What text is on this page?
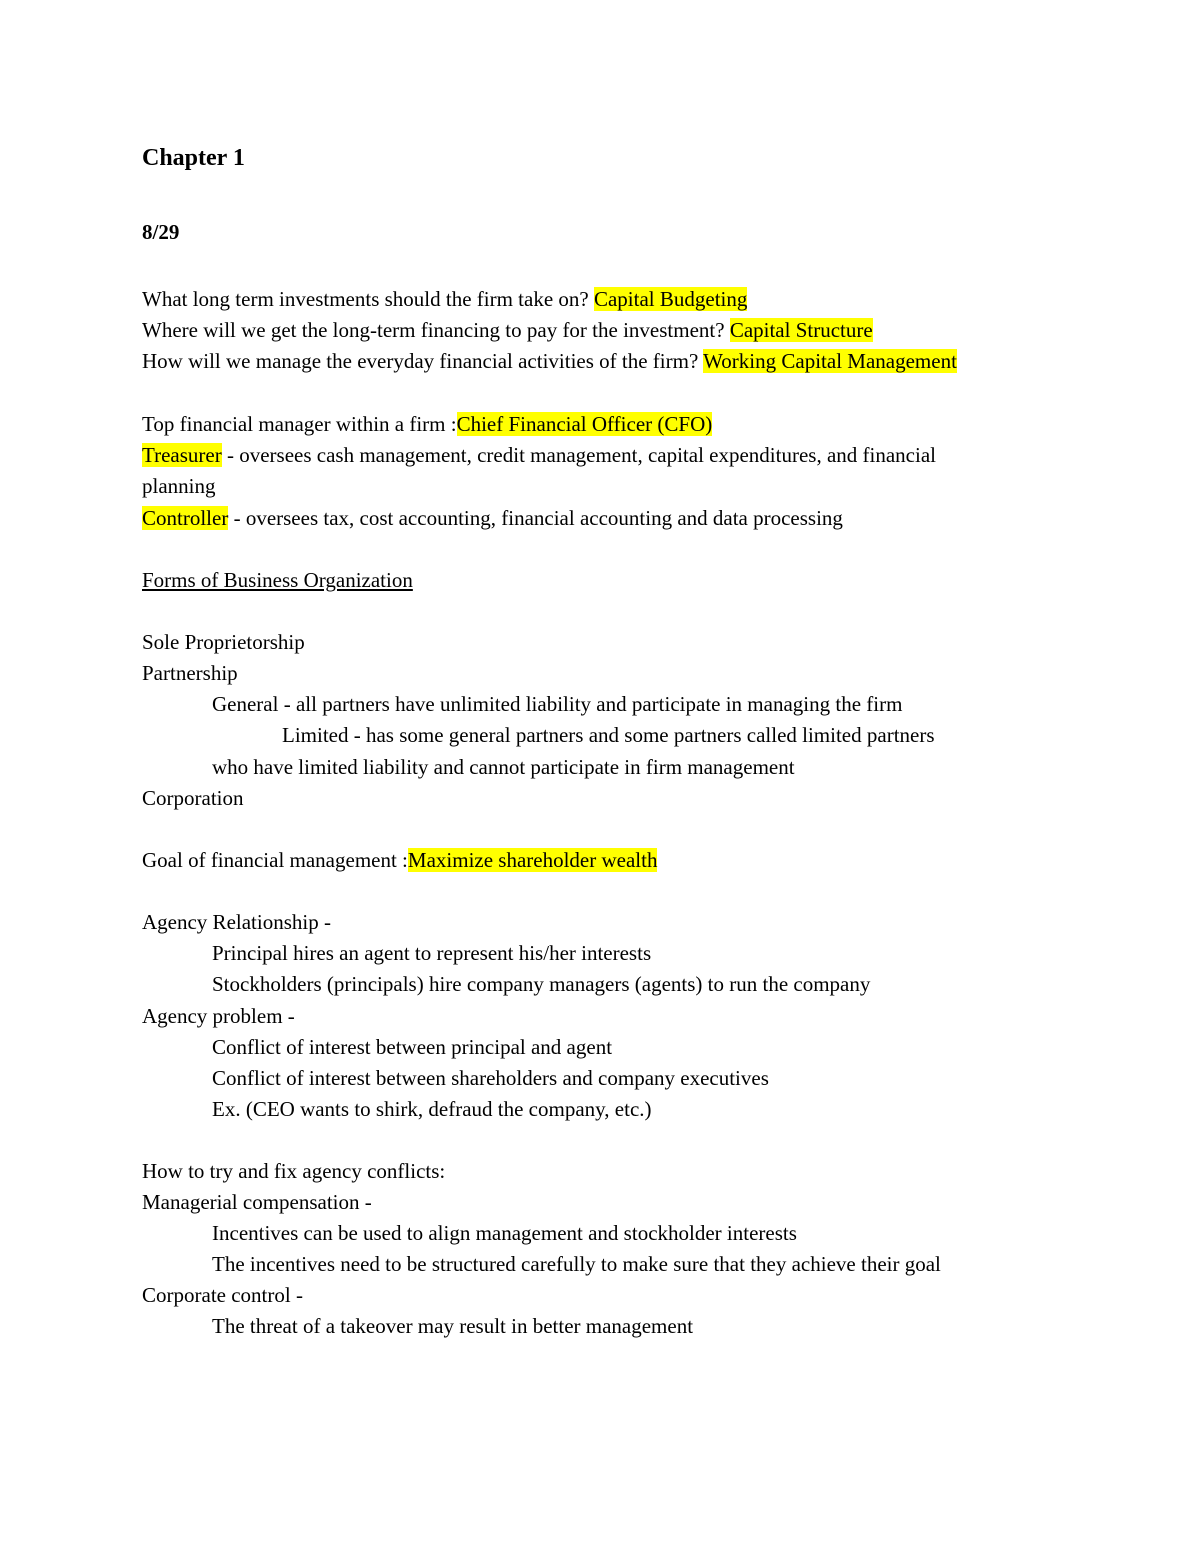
Chapter 1
8/29
What long term investments should the firm take on? Capital Budgeting
Where will we get the long-term financing to pay for the investment? Capital Structure
How will we manage the everyday financial activities of the firm? Working Capital Management
Top financial manager within a firm :Chief Financial Officer (CFO)
Treasurer - oversees cash management, credit management, capital expenditures, and financial
planning
Controller - oversees tax, cost accounting, financial accounting and data processing
Forms of Business Organization
Sole Proprietorship
Partnership
General - all partners have unlimited liability and participate in managing the firm
Limited - has some general partners and some partners called limited partners
who have limited liability and cannot participate in firm management
Corporation
Goal of financial management :Maximize shareholder wealth
Agency Relationship -
Principal hires an agent to represent his/her interests
Stockholders (principals) hire company managers (agents) to run the company
Agency problem -
Conflict of interest between principal and agent
Conflict of interest between shareholders and company executives
Ex. (CEO wants to shirk, defraud the company, etc.)
How to try and fix agency conflicts:
Managerial compensation -
Incentives can be used to align management and stockholder interests
The incentives need to be structured carefully to make sure that they achieve their goal
Corporate control -
The threat of a takeover may result in better management
